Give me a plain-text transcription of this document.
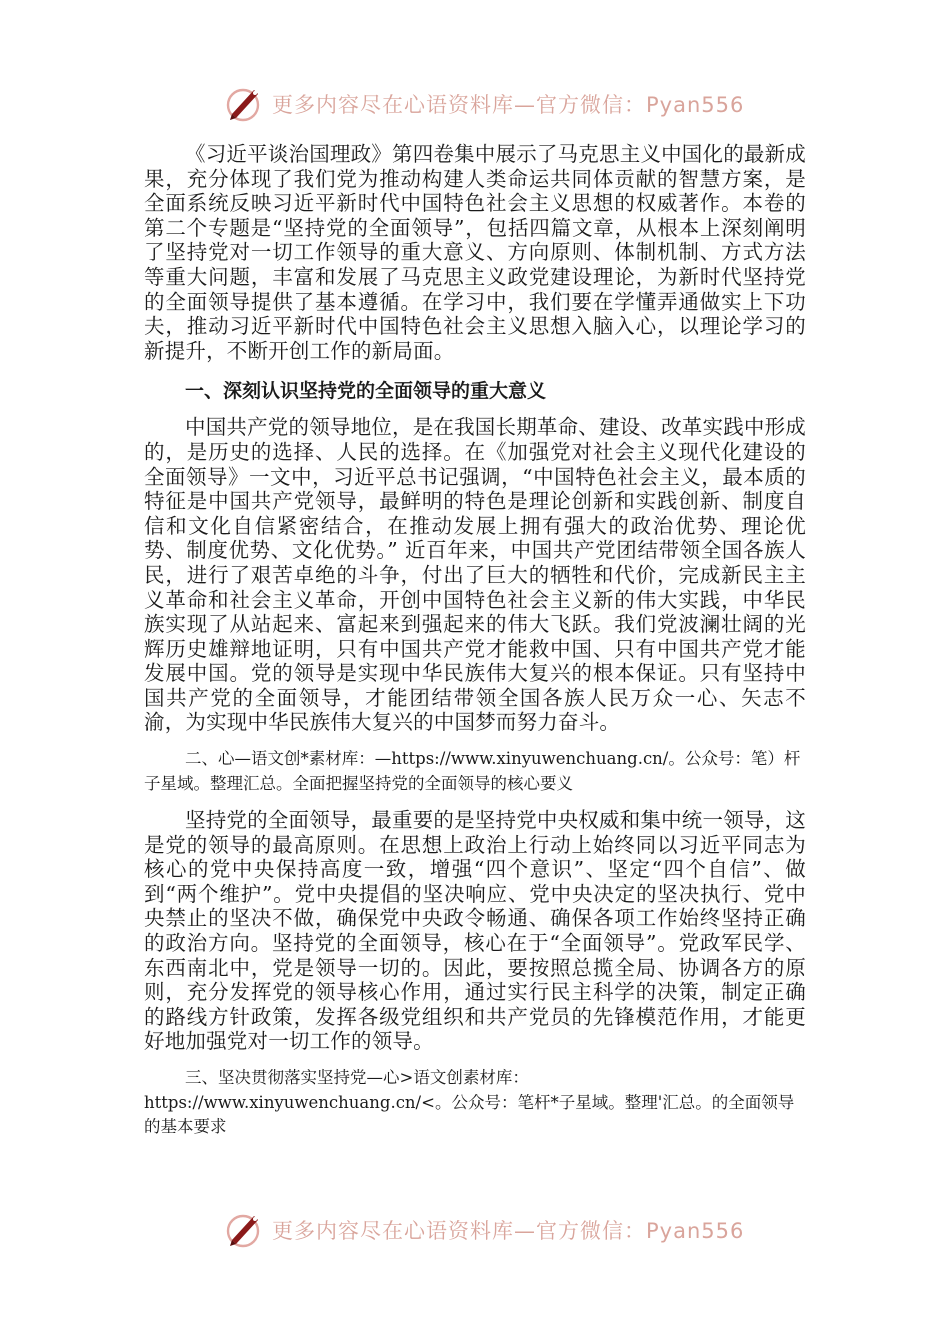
更多内容尽在心语资料库—官方微信：Pyan556

《习近平谈治国理政》第四卷集中展示了马克思主义中国化的最新成果，充分体现了我们党为推动构建人类命运共同体贡献的智慧方案，是全面系统反映习近平新时代中国特色社会主义思想的权威著作。本卷的第二个专题是“坚持党的全面领导”，包括四篇文章，从根本上深刻阐明了坚持党对一切工作领导的重大意义、方向原则、体制机制、方式方法等重大问题，丰富和发展了马克思主义政党建设理论，为新时代坚持党的全面领导提供了基本遵循。在学习中，我们要在学懂弄通做实上下功夫，推动习近平新时代中国特色社会主义思想入脑入心，以理论学习的新提升，不断开创工作的新局面。

一、深刻认识坚持党的全面领导的重大意义

中国共产党的领导地位，是在我国长期革命、建设、改革实践中形成的，是历史的选择、人民的选择。在《加强党对社会主义现代化建设的全面领导》一文中，习近平总书记强调，“中国特色社会主义，最本质的特征是中国共产党领导，最鲜明的特色是理论创新和实践创新、制度自信和文化自信紧密结合，在推动发展上拥有强大的政治优势、理论优势、制度优势、文化优势。” 近百年来，中国共产党团结带领全国各族人民，进行了艰苦卓绝的斗争，付出了巨大的牺牲和代价，完成新民主主义革命和社会主义革命，开创中国特色社会主义新的伟大实践，中华民族实现了从站起来、富起来到强起来的伟大飞跃。我们党波澜壮阔的光辉历史雄辩地证明，只有中国共产党才能救中国、只有中国共产党才能发展中国。党的领导是实现中华民族伟大复兴的根本保证。只有坚持中国共产党的全面领导，才能团结带领全国各族人民万众一心、矢志不渝，为实现中华民族伟大复兴的中国梦而努力奋斗。

二、心—语文创*素材库：—https://www.xinyuwenchuang.cn/。公众号：笔）杆子星域。整理汇总。全面把握坚持党的全面领导的核心要义

坚持党的全面领导，最重要的是坚持党中央权威和集中统一领导，这是党的领导的最高原则。在思想上政治上行动上始终同以习近平同志为核心的党中央保持高度一致，增强“四个意识”、坚定“四个自信”、做到“两个维护”。党中央提倡的坚决响应、党中央决定的坚决执行、党中央禁止的坚决不做，确保党中央政令畅通、确保各项工作始终坚持正确的政治方向。坚持党的全面领导，核心在于“全面领导”。党政军民学、东西南北中，党是领导一切的。因此，要按照总揽全局、协调各方的原则，充分发挥党的领导核心作用，通过实行民主科学的决策，制定正确的路线方针政策，发挥各级党组织和共产党员的先锋模范作用，才能更好地加强党对一切工作的领导。

三、坚决贯彻落实坚持党—心>语文创素材库：https://www.xinyuwenchuang.cn/<。公众号：笔杆*子星域。整理'汇总。的全面领导的基本要求

更多内容尽在心语资料库—官方微信：Pyan556
